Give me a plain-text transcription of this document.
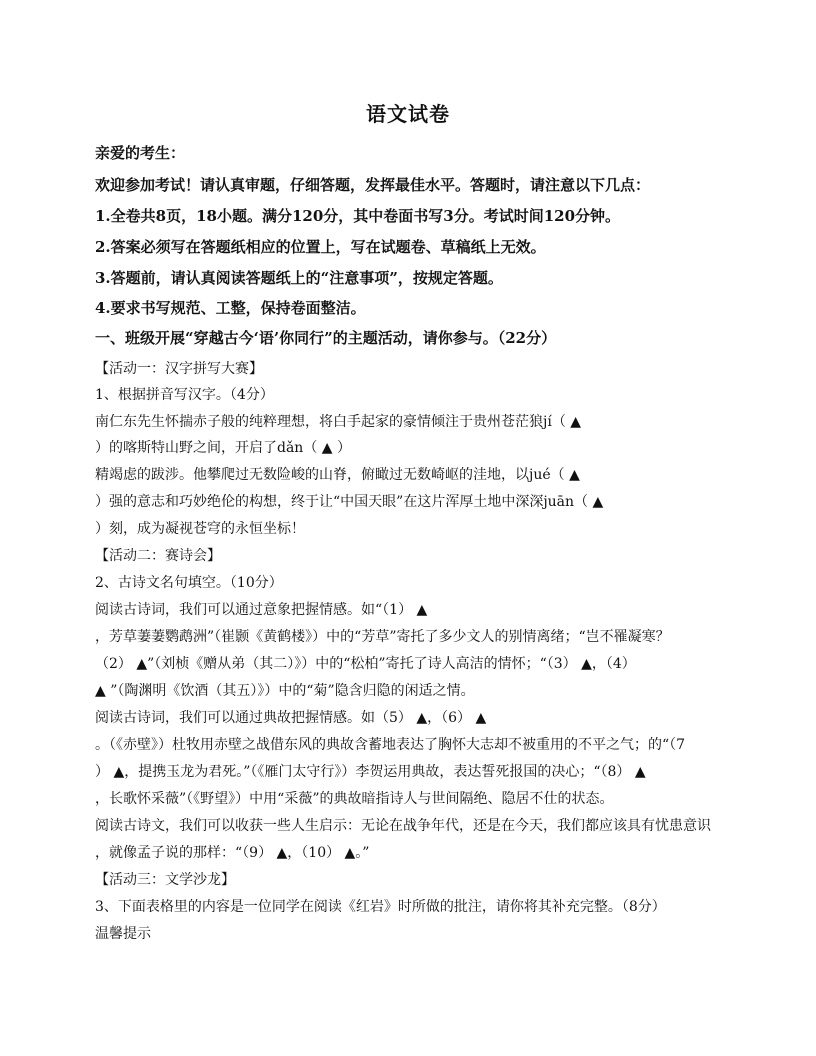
语文试卷
亲爱的考生：
欢迎参加考试！请认真审题，仔细答题，发挥最佳水平。答题时，请注意以下几点：
1.全卷共8页，18小题。满分120分，其中卷面书写3分。考试时间120分钟。
2.答案必须写在答题纸相应的位置上，写在试题卷、草稿纸上无效。
3.答题前，请认真阅读答题纸上的“注意事项”，按规定答题。
4.要求书写规范、工整，保持卷面整洁。
一、班级开展“穿越古今‘语’你同行”的主题活动，请你参与。（22分）
【活动一：汉字拼写大赛】
1、根据拼音写汉字。（4分）
南仁东先生怀揣赤子般的纯粹理想，将白手起家的豪情倾注于贵州苍茫狼jí（ ▲
）的喀斯特山野之间，开启了dǎn（ ▲ ）
精竭虑的跋涉。他攀爬过无数险峻的山脊，俯瞰过无数崎岖的洼地，以jué（ ▲
）强的意志和巧妙绝伦的构想，终于让“中国天眼”在这片浑厚土地中深深juān（ ▲
）刻，成为凝视苍穹的永恒坐标！
【活动二：赛诗会】
2、古诗文名句填空。（10分）
阅读古诗词，我们可以通过意象把握情感。如“（1） ▲
，芳草萋萋鹦鹉洲”（崔颢《黄鹤楼》）中的“芳草”寄托了多少文人的别情离绪；“岂不罹凝寒？
（2） ▲”（刘桢《赠从弟（其二）》）中的“松柏”寄托了诗人高洁的情怀；“（3） ▲，（4）
▲ ”（陶渊明《饮酒（其五）》）中的“菊”隐含归隐的闲适之情。
阅读古诗词，我们可以通过典故把握情感。如（5） ▲，（6） ▲
。（《赤壁》）杜牧用赤壁之战借东风的典故含蓄地表达了胸怀大志却不被重用的不平之气；的“（7
） ▲，提携玉龙为君死。”（《雁门太守行》）李贺运用典故，表达誓死报国的决心；“（8） ▲
，长歌怀采薇”（《野望》）中用“采薇”的典故暗指诗人与世间隔绝、隐居不仕的状态。
阅读古诗文，我们可以收获一些人生启示：无论在战争年代，还是在今天，我们都应该具有忧患意识
，就像孟子说的那样：“（9） ▲，（10） ▲。”
【活动三：文学沙龙】
3、下面表格里的内容是一位同学在阅读《红岩》时所做的批注，请你将其补充完整。（8分）
温馨提示
